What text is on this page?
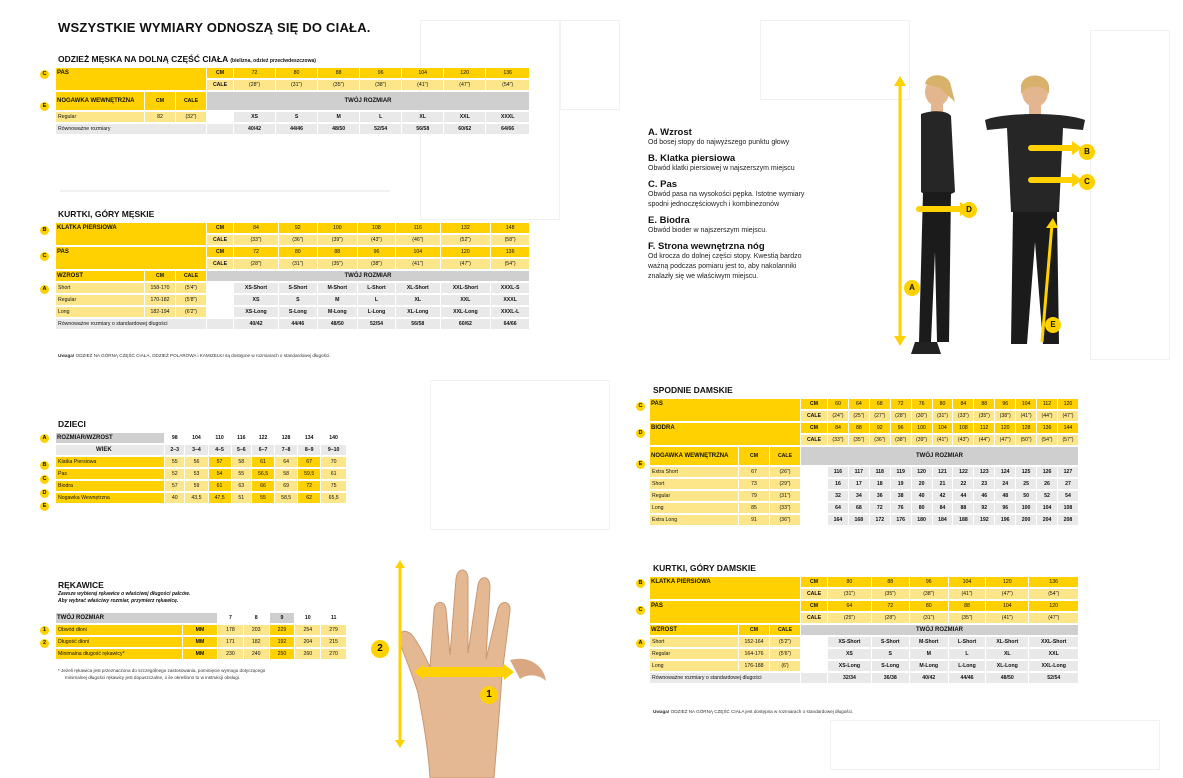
WSZYSTKIE WYMIARY ODNOSZĄ SIĘ DO CIAŁA.
ODZIEŻ MĘSKA NA DOLNĄ CZĘŚĆ CIAŁA (bielizna, odzież przeciwdeszczowa)
C
E
PAS			CM	72	80	88	96	104	120	136
			CALE	(28")	(31")	(35")	(38")	(41")	(47")	(54")
NOGAWKA WEWNĘTRZNA	CM	CALE	TWÓJ ROZMIAR							
Regular	82	(32")		XS	S	M	L	XL	XXL	XXXL
Równoważne rozmiary				40/42	44/46	48/50	52/54	56/58	60/62	64/66
KURTKI, GÓRY MĘSKIE
B
C
A
KLATKA PIERSIOWA			CM	84	92	100	108	116	132	148
			CALE	(33")	(36")	(39")	(43")	(46")	(52")	(58")
PAS			CM	72	80	88	96	104	120	136
			CALE	(28")	(31")	(35")	(38")	(41")	(47")	(54")
WZROST	CM	CALE	TWÓJ ROZMIAR							
Short	158-170	(5'4")		XS-Short	S-Short	M-Short	L-Short	XL-Short	XXL-Short	XXXL-S
Regular	170-182	(5'8")		XS	S	M	L	XL	XXL	XXXL
Long	182-194	(6'2")		XS-Long	S-Long	M-Long	L-Long	XL-Long	XXL-Long	XXXL-L
Równoważne rozmiary o standardowej długości				40/42	44/46	48/50	52/54	56/58	60/62	64/66
Uwaga! ODZIEŻ NA GÓRNĄ CZĘŚĆ CIAŁA, ODZIEŻ POLAROWA i KAMIZELKI są dostępne w rozmiarach o standardowej długości.
DZIECI
A
B
C
D
E
ROZMIAR/WZROST	98	104	110	116	122	128	134	140
WIEK	2–3	3–4	4–5	5–6	6–7	7–8	8–9	9–10
Klatka Piersiowa	55	56	57	58	61	64	67	70
Pas	52	53	54	55	56,5	58	59,5	61
Biodra	57	59	61	63	66	69	72	75
Nogawka Wewnętrzna	40	43,5	47,5	51	55	58,5	62	65,5
RĘKAWICE
Zawsze wybieraj rękawice o właściwej długości palców.
Aby wybrać właściwy rozmiar, przymierz rękawicę.
1
2
TWÓJ ROZMIAR		7	8	9	10	11
Obwód dłoni	MM	178	203	229	254	279
Długość dłoni	MM	171	182	192	204	215
Minimalna długość rękawicy*	MM	230	240	250	260	270
* Jeżeli rękawica jest przeznaczona do szczególnego zastosowania, pominięcie wymogu dotyczącego
minimalnej długości rękawicy jest dopuszczalne, o ile określono to w instrukcji obsługi.
2
1
A. Wzrost
Od bosej stopy do najwyższego punktu głowy
B. Klatka piersiowa
Obwód klatki piersiowej w najszerszym miejscu
C. Pas
Obwód pasa na wysokości pępka. Istotne wymiary
spodni jednoczęściowych i kombinezonów
E. Biodra
Obwód bioder w najszerszym miejscu.
F. Strona wewnętrzna nóg
Od krocza do dolnej części stopy. Kwestią bardzo
ważną podczas pomiaru jest to, aby nakolanniki
znalazły się we właściwym miejscu.
A
B
C
D
E
SPODNIE DAMSKIE
C
D
E
PAS			CM	60	64	68	72	76	80	84	88	96	104	112	120
			CALE	(24")	(25")	(27")	(28")	(30")	(31")	(33")	(35")	(38")	(41")	(44")	(47")
BIODRA			CM	84	88	92	96	100	104	108	112	120	128	136	144
			CALE	(33")	(35")	(36")	(38")	(39")	(41")	(43")	(44")	(47")	(50")	(54")	(57")
NOGAWKA WEWNĘTRZNA	CM	CALE	TWÓJ ROZMIAR												
Extra Short	67	(26")		116	117	118	119	120	121	122	123	124	125	126	127
Short	73	(29")		16	17	18	19	20	21	22	23	24	25	26	27
Regular	79	(31")		32	34	36	38	40	42	44	46	48	50	52	54
Long	85	(33")		64	68	72	76	80	84	88	92	96	100	104	108
Extra Long	91	(36")		164	168	172	176	180	184	188	192	196	200	204	208
KURTKI, GÓRY DAMSKIE
B
C
A
KLATKA PIERSIOWA			CM	80	88	96	104	120	136
			CALE	(31")	(35")	(38")	(41")	(47")	(54")
PAS			CM	64	72	80	88	104	120
			CALE	(25")	(28")	(31")	(35")	(41")	(47")
WZROST	CM	CALE	TWÓJ ROZMIAR						
Short	152-164	(5'2")		XS-Short	S-Short	M-Short	L-Short	XL-Short	XXL-Short
Regular	164-176	(5'6")		XS	S	M	L	XL	XXL
Long	176-188	(6')		XS-Long	S-Long	M-Long	L-Long	XL-Long	XXL-Long
Równoważne rozmiary o standardowej długości				32/34	36/38	40/42	44/46	48/50	52/54
Uwaga! ODZIEŻ NA GÓRNĄ CZĘŚĆ CIAŁA jest dostępna w rozmiarach o standardowej długości.
